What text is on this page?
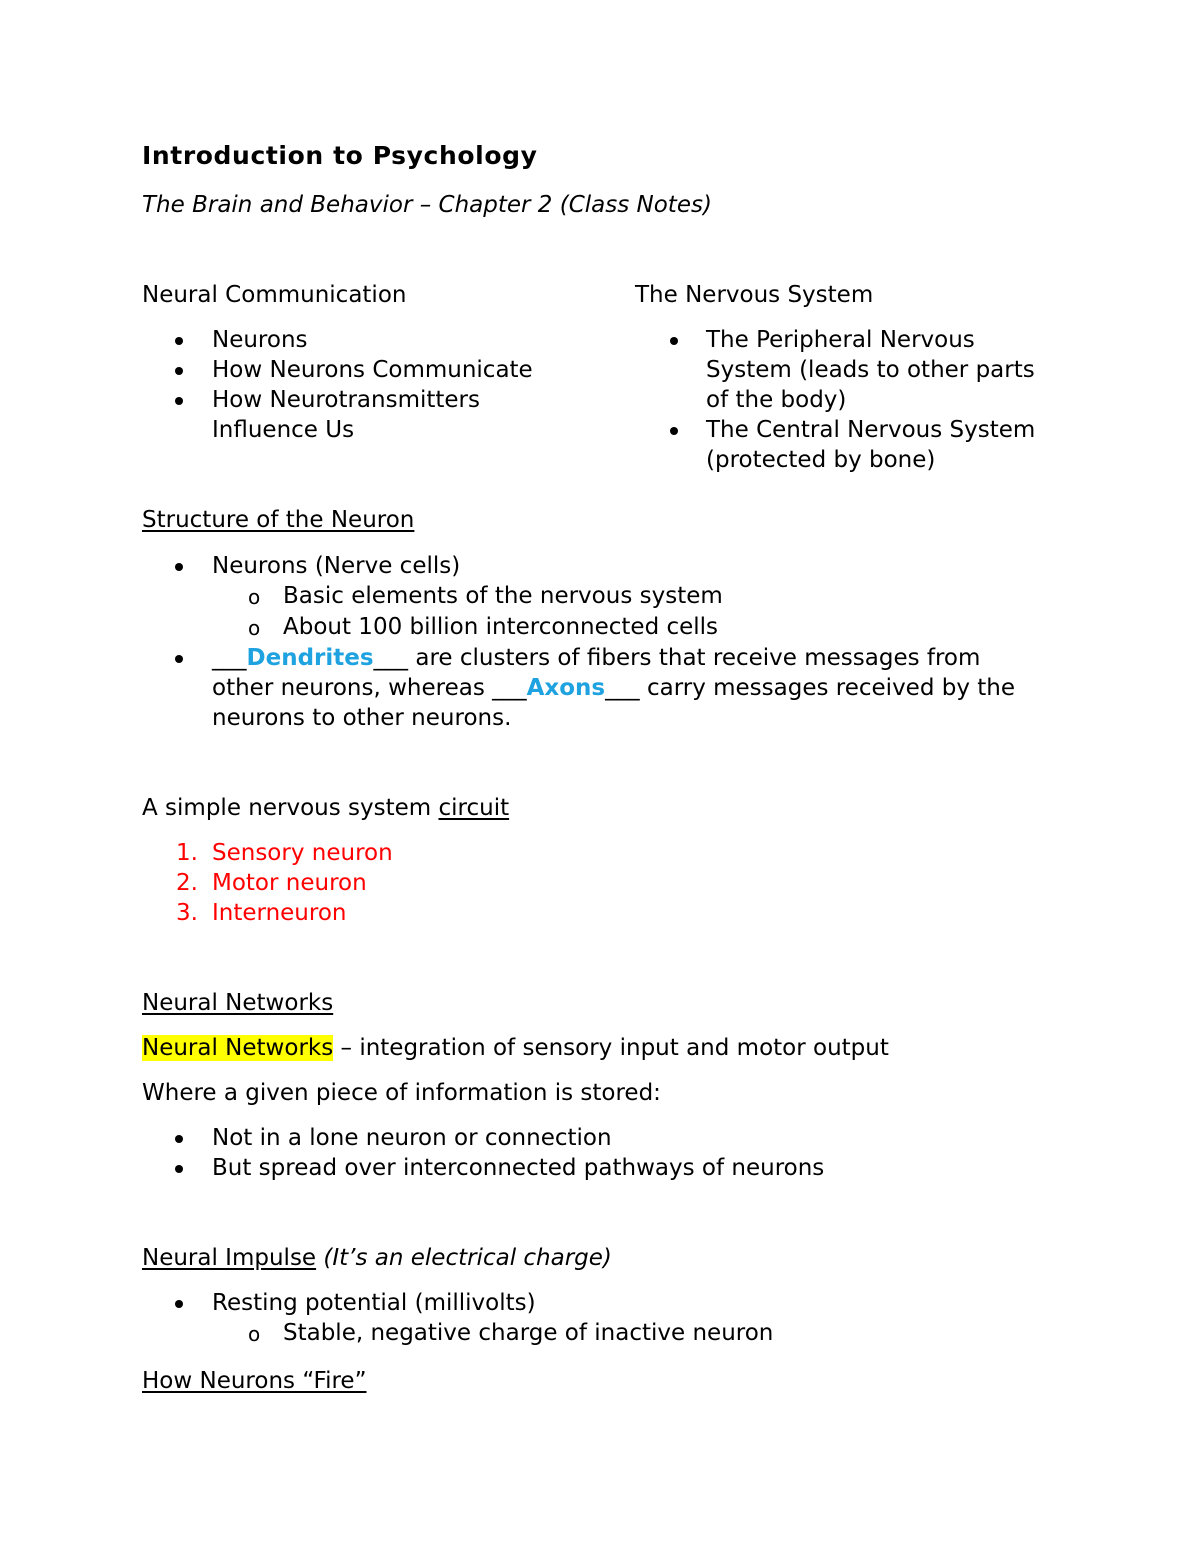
Introduction to Psychology
The Brain and Behavior – Chapter 2 (Class Notes)
Neural Communication
Neurons
How Neurons Communicate
How Neurotransmitters
Influence Us
The Nervous System
The Peripheral Nervous
System (leads to other parts
of the body)
The Central Nervous System
(protected by bone)
Structure of the Neuron
Neurons (Nerve cells)
o Basic elements of the nervous system
o About 100 billion interconnected cells
___Dendrites___ are clusters of fibers that receive messages from
other neurons, whereas ___Axons___ carry messages received by the
neurons to other neurons.
A simple nervous system circuit
1. Sensory neuron
2. Motor neuron
3. Interneuron
Neural Networks
Neural Networks – integration of sensory input and motor output
Where a given piece of information is stored:
Not in a lone neuron or connection
But spread over interconnected pathways of neurons
Neural Impulse (It’s an electrical charge)
Resting potential (millivolts)
o Stable, negative charge of inactive neuron
How Neurons “Fire”
